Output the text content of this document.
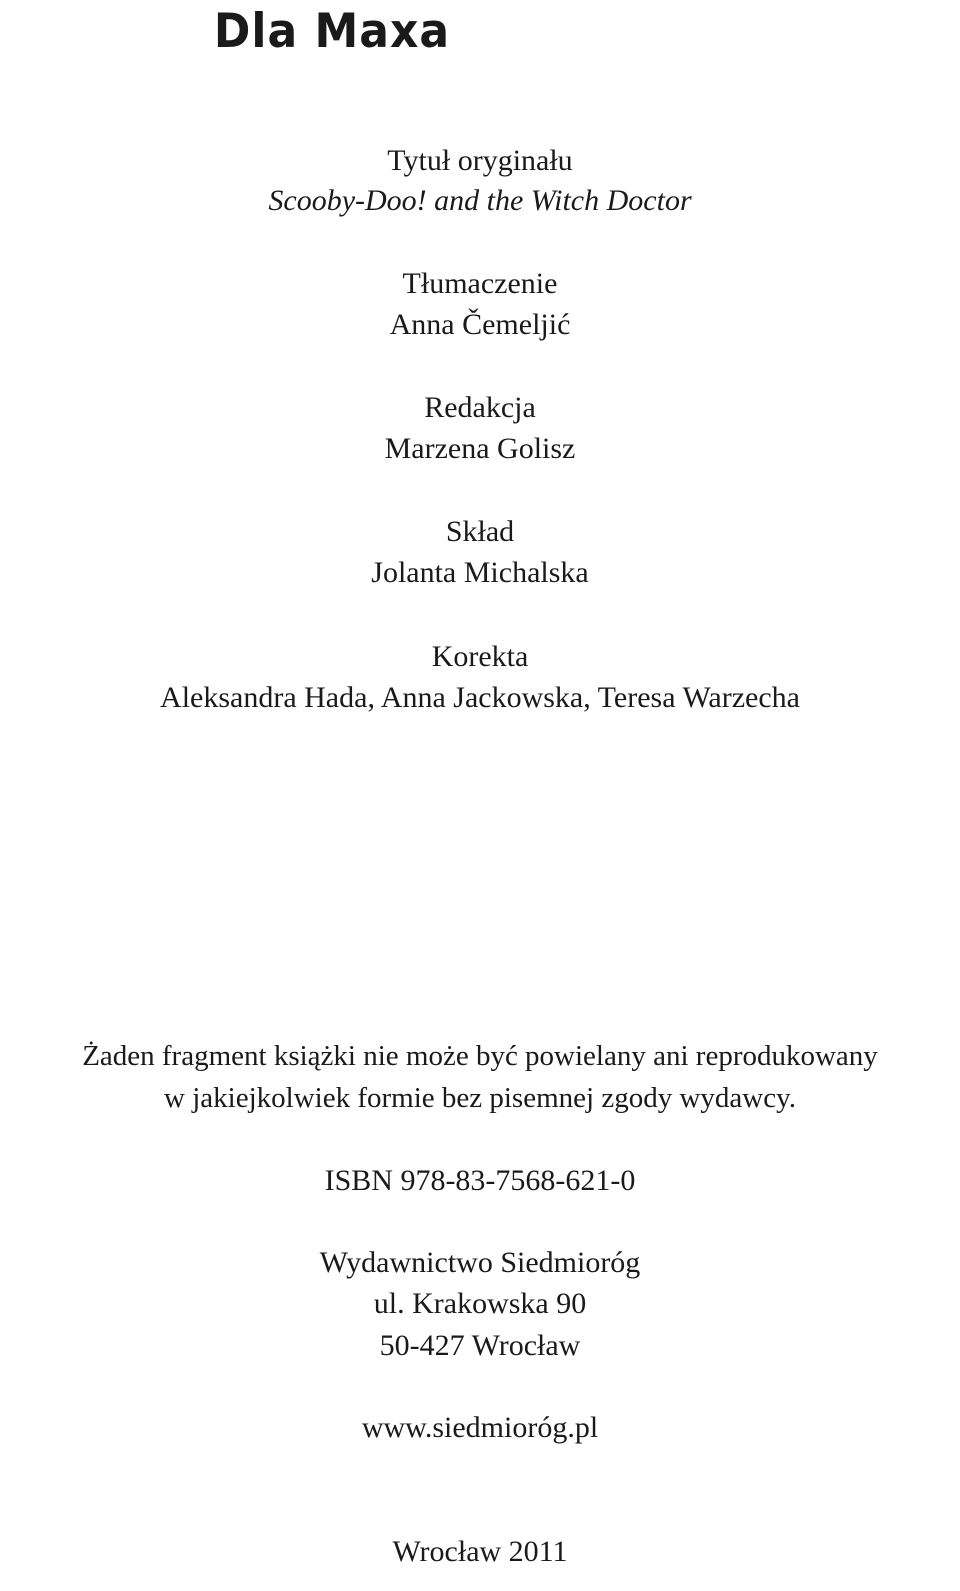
Dla Maxa
Tytuł oryginału
Scooby-Doo! and the Witch Doctor
Tłumaczenie
Anna Čemeljić
Redakcja
Marzena Golisz
Skład
Jolanta Michalska
Korekta
Aleksandra Hada, Anna Jackowska, Teresa Warzecha
Żaden fragment książki nie może być powielany ani reprodukowany
w jakiejkolwiek formie bez pisemnej zgody wydawcy.
ISBN 978-83-7568-621-0
Wydawnictwo Siedmioróg
ul. Krakowska 90
50-427 Wrocław
www.siedmioróg.pl
Wrocław 2011
